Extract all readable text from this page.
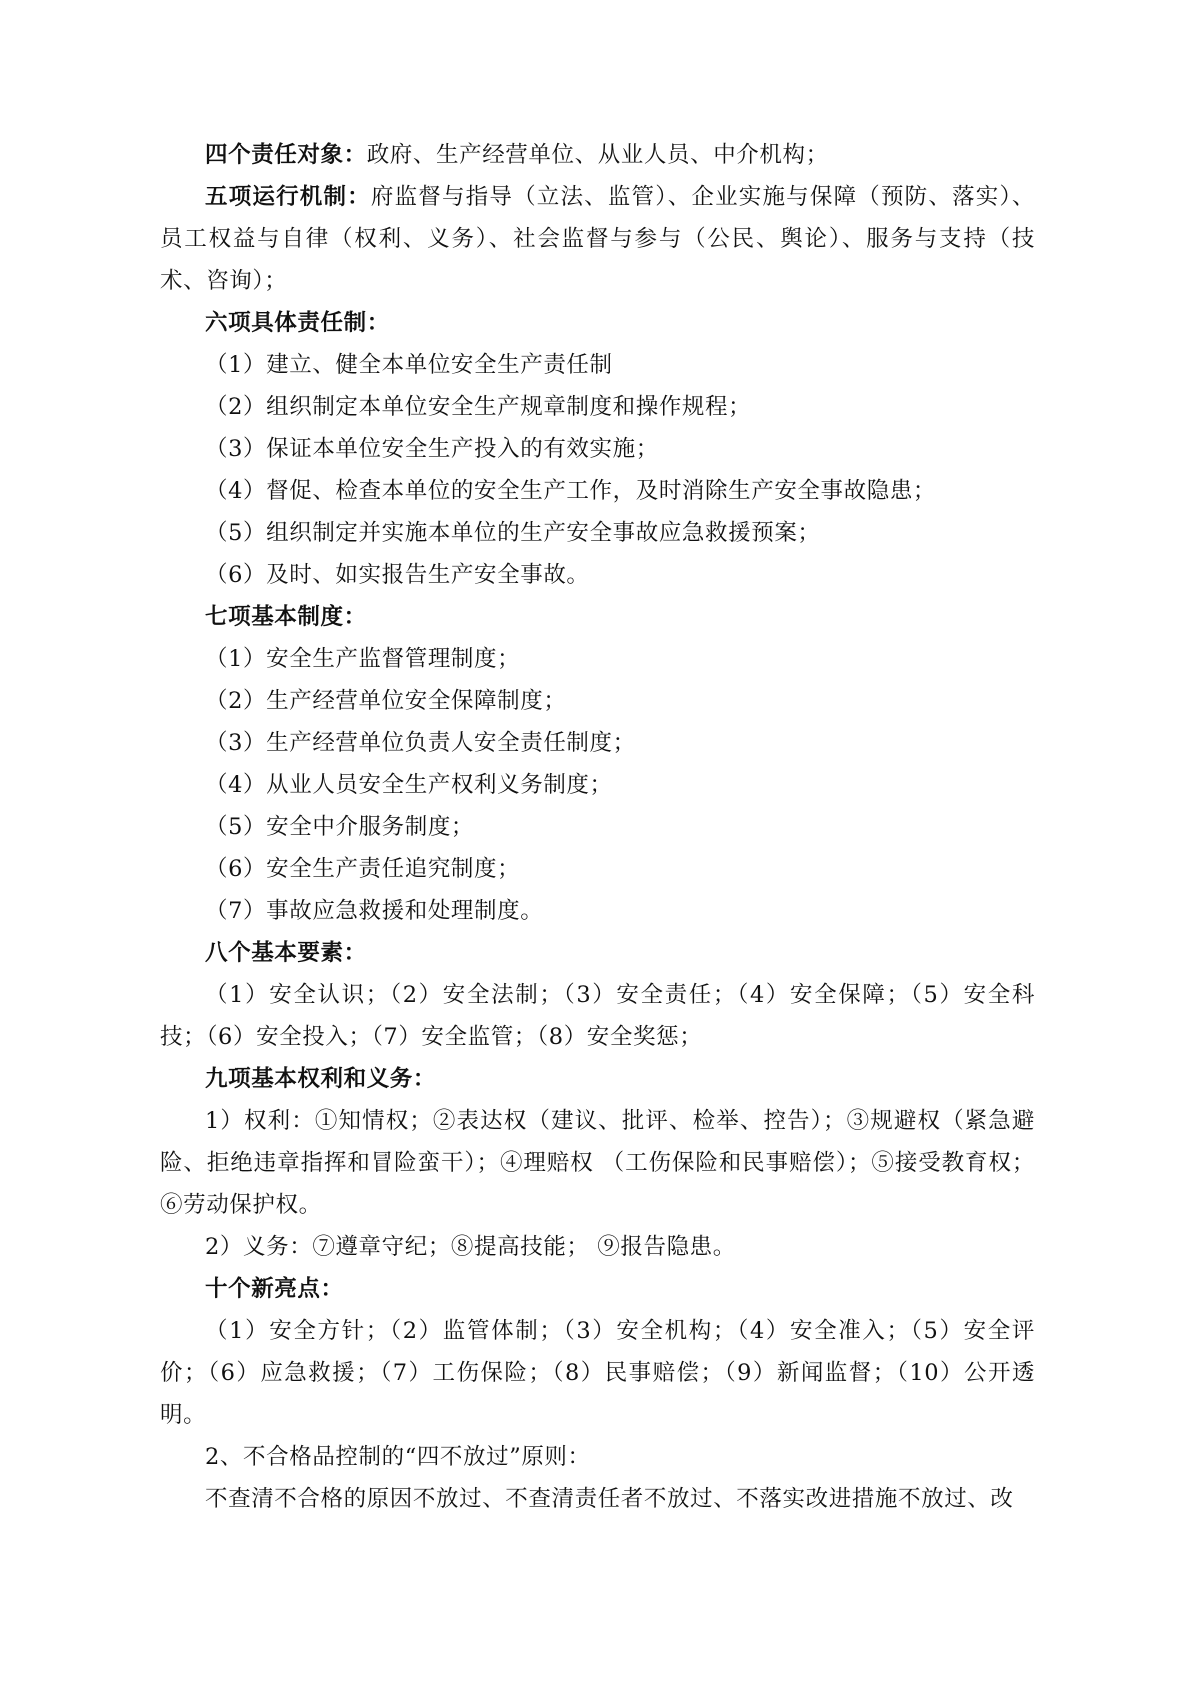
四个责任对象：政府、生产经营单位、从业人员、中介机构；

五项运行机制：府监督与指导（立法、监管）、企业实施与保障（预防、落实）、员工权益与自律（权利、义务）、社会监督与参与（公民、舆论）、服务与支持（技术、咨询）；

六项具体责任制：

（1）建立、健全本单位安全生产责任制

（2）组织制定本单位安全生产规章制度和操作规程；

（3）保证本单位安全生产投入的有效实施；

（4）督促、检查本单位的安全生产工作，及时消除生产安全事故隐患；

（5）组织制定并实施本单位的生产安全事故应急救援预案；

（6）及时、如实报告生产安全事故。

七项基本制度：

（1）安全生产监督管理制度；

（2）生产经营单位安全保障制度；

（3）生产经营单位负责人安全责任制度；

（4）从业人员安全生产权利义务制度；

（5）安全中介服务制度；

（6）安全生产责任追究制度；

（7）事故应急救援和处理制度。

八个基本要素：

（1）安全认识；（2）安全法制；（3）安全责任；（4）安全保障；（5）安全科技；（6）安全投入；（7）安全监管；（8）安全奖惩；

九项基本权利和义务：

1）权利：①知情权；②表达权（建议、批评、检举、控告）；③规避权（紧急避险、拒绝违章指挥和冒险蛮干）；④理赔权 （工伤保险和民事赔偿）；⑤接受教育权；⑥劳动保护权。

2）义务：⑦遵章守纪；⑧提高技能； ⑨报告隐患。

十个新亮点：

（1）安全方针；（2）监管体制；（3）安全机构；（4）安全准入；（5）安全评价；（6）应急救援；（7）工伤保险；（8）民事赔偿；（9）新闻监督；（10）公开透明。

2、不合格品控制的“四不放过”原则：

不查清不合格的原因不放过、不查清责任者不放过、不落实改进措施不放过、改
